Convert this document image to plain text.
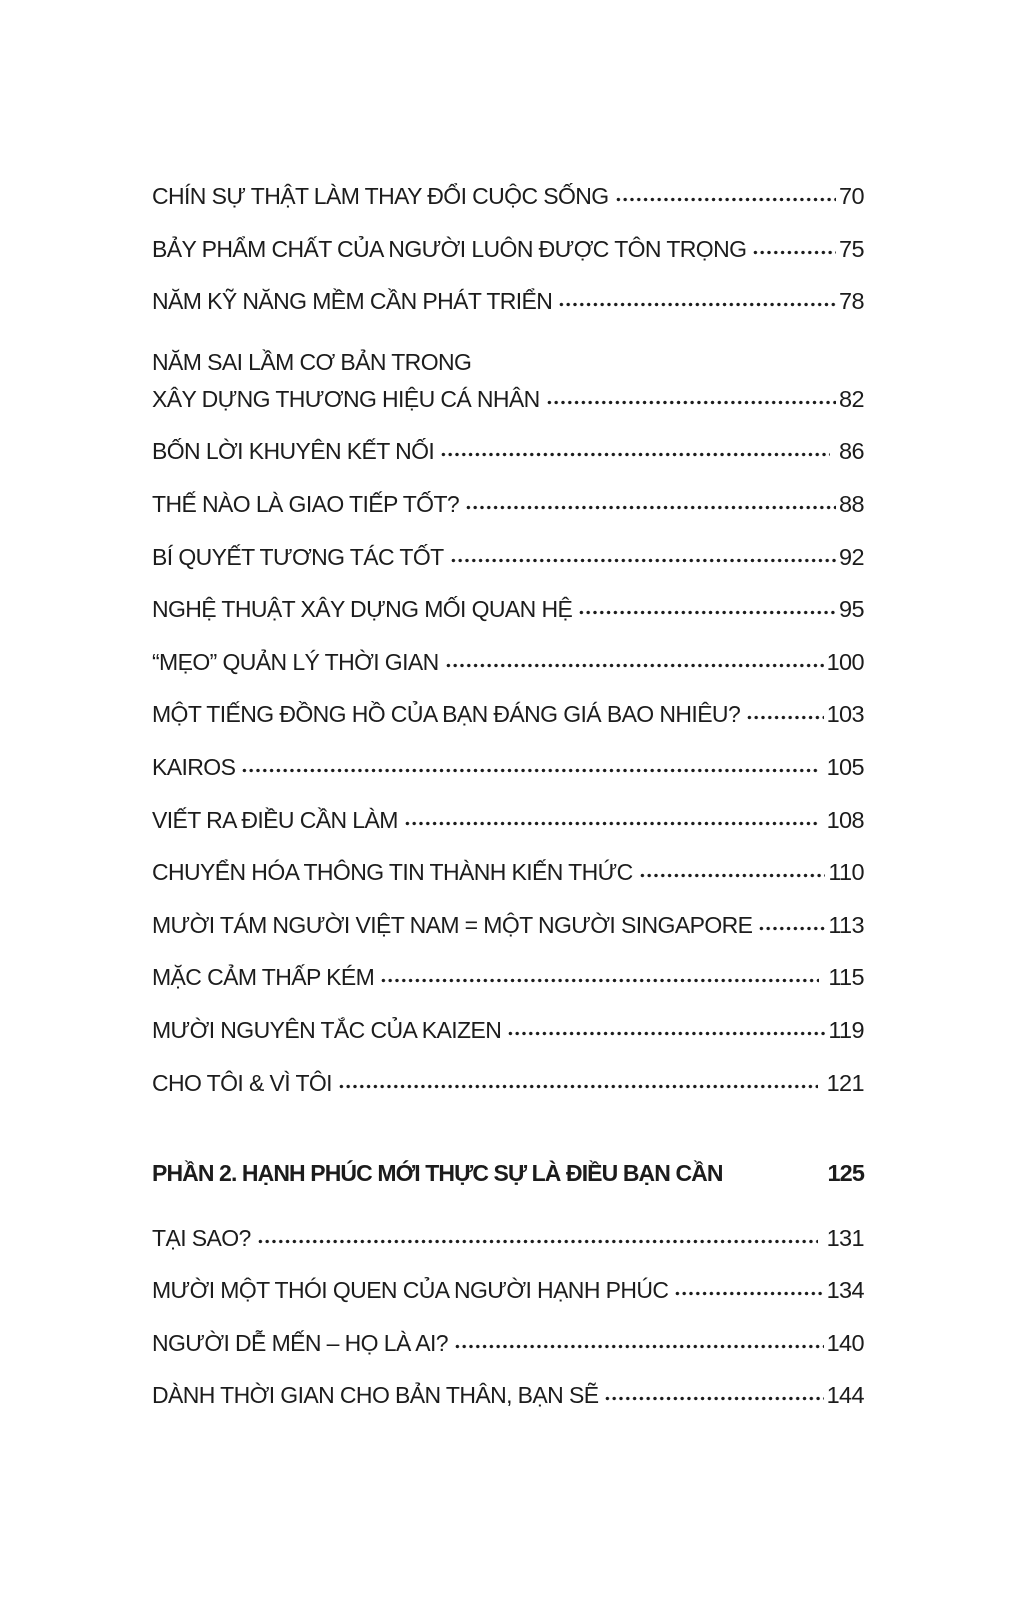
CHÍN SỰ THẬT LÀM THAY ĐỔI CUỘC SỐNG	70
BẢY PHẨM CHẤT CỦA NGƯỜI LUÔN ĐƯỢC TÔN TRỌNG	75
NĂM KỸ NĂNG MỀM CẦN PHÁT TRIỂN	78
NĂM SAI LẦM CƠ BẢN TRONG
XÂY DỰNG THƯƠNG HIỆU CÁ NHÂN	82
BỐN LỜI KHUYÊN KẾT NỐI	86
THẾ NÀO LÀ GIAO TIẾP TỐT?	88
BÍ QUYẾT TƯƠNG TÁC TỐT	92
NGHỆ THUẬT XÂY DỰNG MỐI QUAN HỆ	95
“MẸO” QUẢN LÝ THỜI GIAN	100
MỘT TIẾNG ĐỒNG HỒ CỦA BẠN ĐÁNG GIÁ BAO NHIÊU?	103
KAIROS	105
VIẾT RA ĐIỀU CẦN LÀM	108
CHUYỂN HÓA THÔNG TIN THÀNH KIẾN THỨC	110
MƯỜI TÁM NGƯỜI VIỆT NAM = MỘT NGƯỜI SINGAPORE	113
MẶC CẢM THẤP KÉM	115
MƯỜI NGUYÊN TẮC CỦA KAIZEN	119
CHO TÔI & VÌ TÔI	121
PHẦN 2. HẠNH PHÚC MỚI THỰC SỰ LÀ ĐIỀU BẠN CẦN	125
TẠI SAO?	131
MƯỜI MỘT THÓI QUEN CỦA NGƯỜI HẠNH PHÚC	134
NGƯỜI DỄ MẾN – HỌ LÀ AI?	140
DÀNH THỜI GIAN CHO BẢN THÂN, BẠN SẼ	144
